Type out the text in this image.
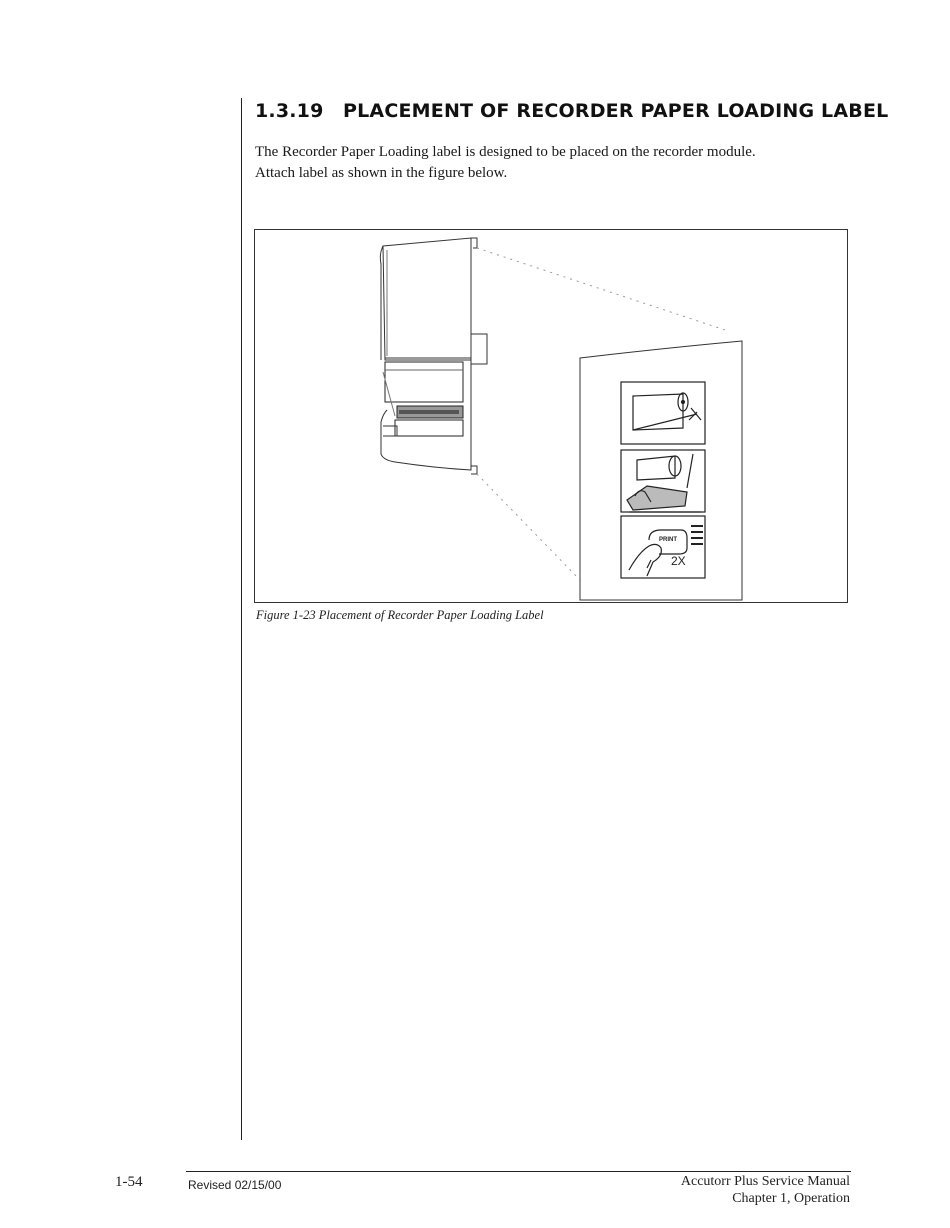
1.3.19 PLACEMENT OF RECORDER PAPER LOADING LABEL
The Recorder Paper Loading label is designed to be placed on the recorder module.
Attach label as shown in the figure below.
PRINT
2X
Figure 1-23 Placement of Recorder Paper Loading Label
1-54	Revised 02/15/00	Accutorr Plus Service Manual
Chapter 1, Operation
